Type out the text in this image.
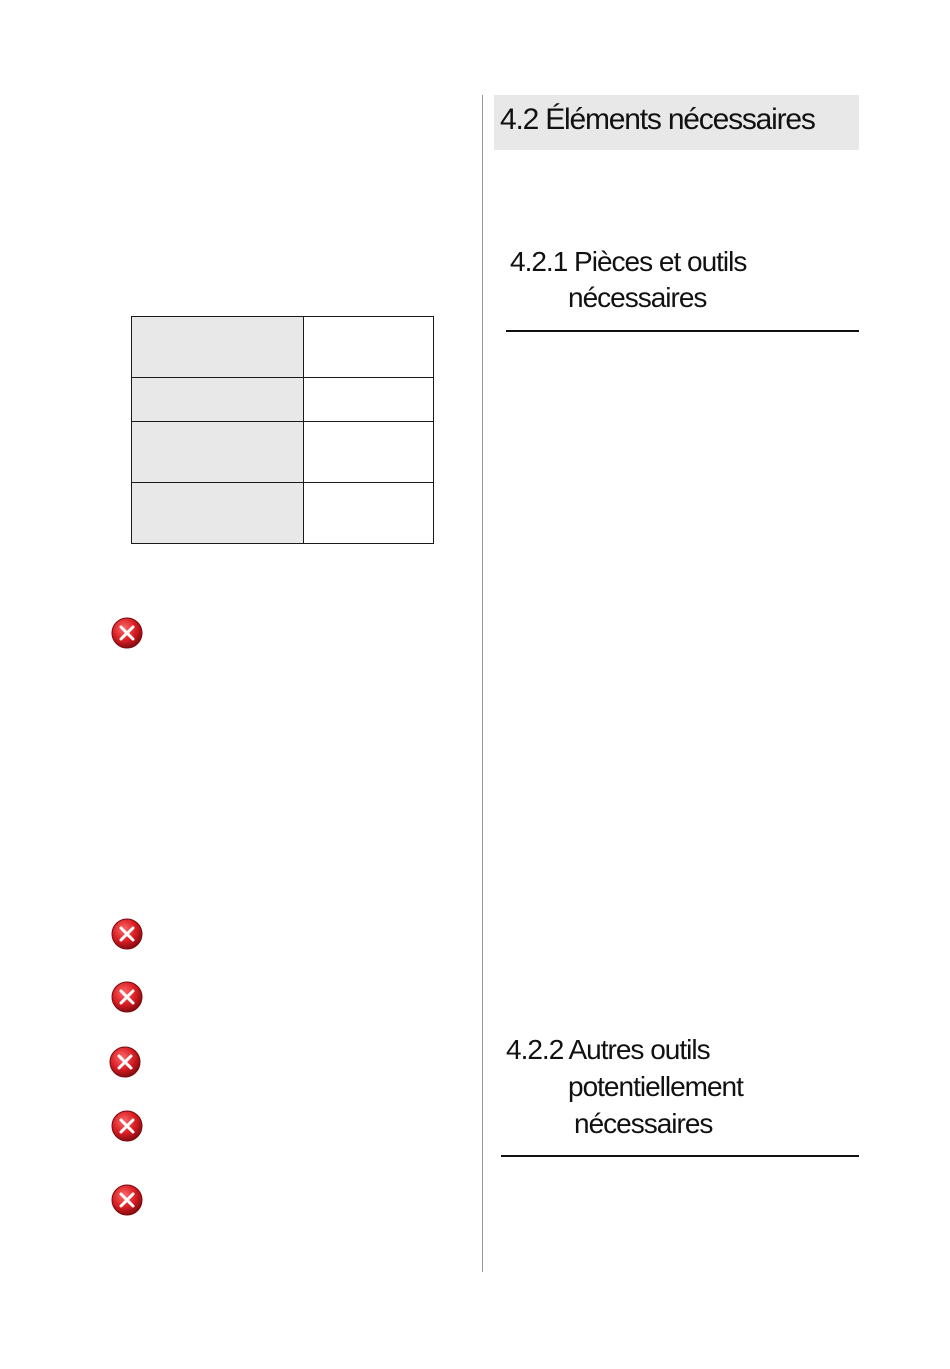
4.2 Éléments nécessaires
4.2.1 Pièces et outils
nécessaires
4.2.2 Autres outils
potentiellement
nécessaires
